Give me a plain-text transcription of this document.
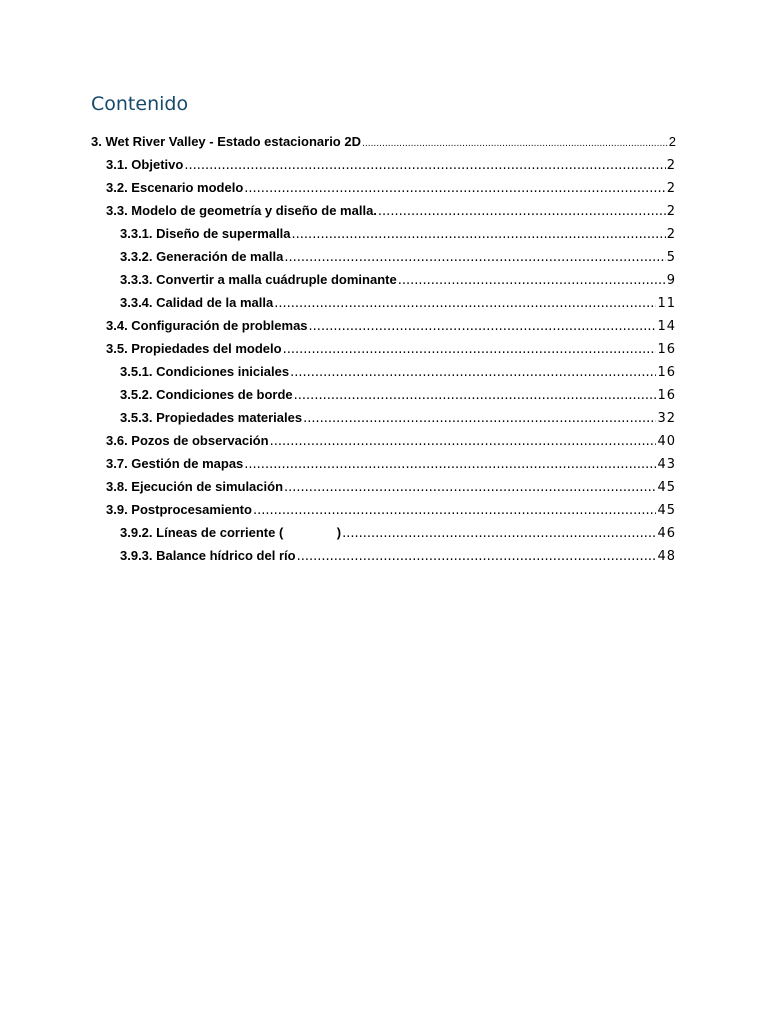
Contenido
3. Wet River Valley - Estado estacionario 2D .....	2
3.1. Objetivo .....	2
3.2. Escenario modelo .....	2
3.3. Modelo de geometría y diseño de malla. .....	2
3.3.1. Diseño de supermalla .....	2
3.3.2. Generación de malla .....	5
3.3.3. Convertir a malla cuádruple dominante .....	9
3.3.4. Calidad de la malla .....	11
3.4. Configuración de problemas .....	14
3.5. Propiedades del modelo .....	16
3.5.1. Condiciones iniciales .....	16
3.5.2. Condiciones de borde .....	16
3.5.3. Propiedades materiales .....	32
3.6. Pozos de observación .....	40
3.7. Gestión de mapas .....	43
3.8. Ejecución de simulación .....	45
3.9. Postprocesamiento .....	45
3.9.2. Líneas de corriente (	) .....	46
3.9.3. Balance hídrico del río .....	48
